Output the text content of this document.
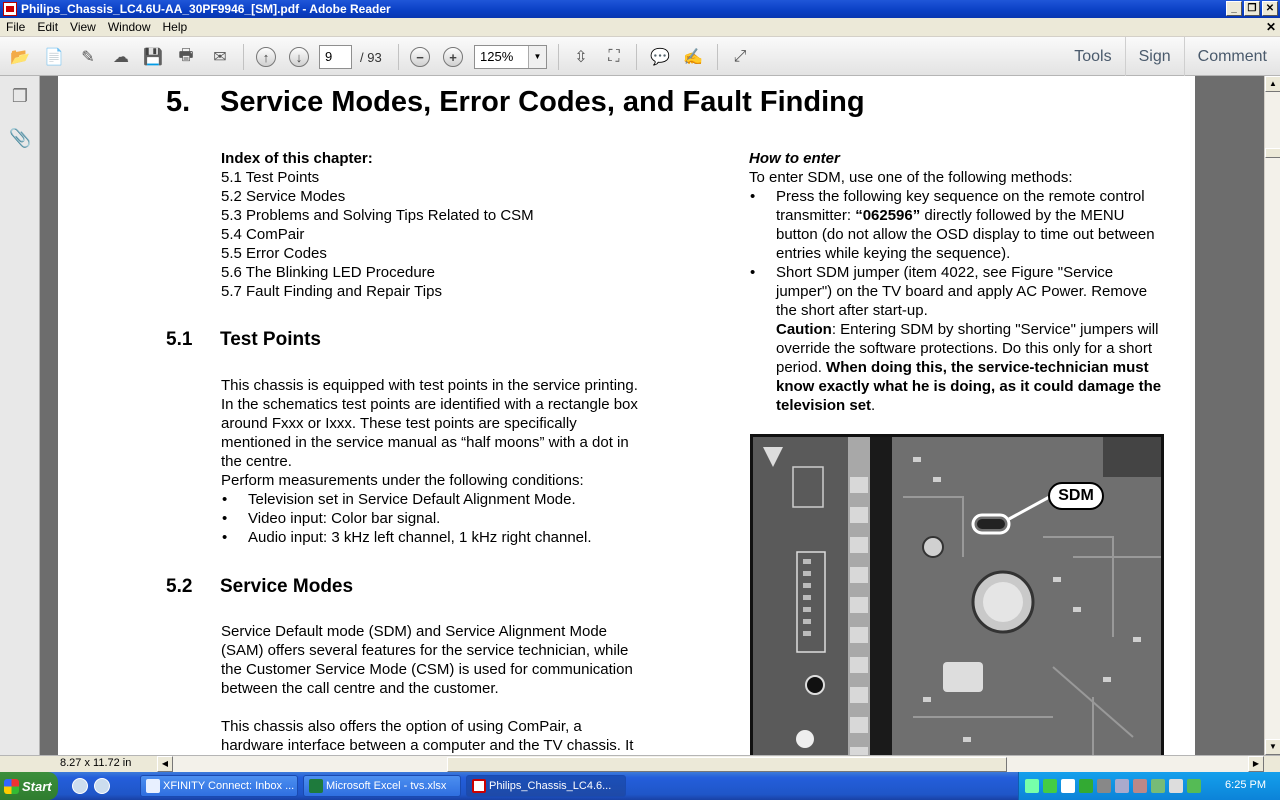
Philips_Chassis_LC4.6U-AA_30PF9946_[SM].pdf - Adobe Reader	_	❐ ✕
File	Edit	View	Window	Help	✕
📂 📄	✎	☁ 💾 🖶	✉	↑	↓	−	+	⇳	⛶	💬 ✍	⤢
9	/ 93	125%	▼	Tools	Sign	Comment
❐
📎
5. Service Modes, Error Codes, and Fault Finding
Index of this chapter:
5.1 Test Points
5.2 Service Modes
5.3 Problems and Solving Tips Related to CSM
5.4 ComPair
5.5 Error Codes
5.6 The Blinking LED Procedure
5.7 Fault Finding and Repair Tips
5.1 Test Points
This chassis is equipped with test points in the service printing.
In the schematics test points are identified with a rectangle box
around Fxxx or Ixxx. These test points are specifically
mentioned in the service manual as “half moons” with a dot in
the centre.
Perform measurements under the following conditions:
• Television set in Service Default Alignment Mode.
• Video input: Color bar signal.
• Audio input: 3 kHz left channel, 1 kHz right channel.
5.2 Service Modes
Service Default mode (SDM) and Service Alignment Mode
(SAM) offers several features for the service technician, while
the Customer Service Mode (CSM) is used for communication
between the call centre and the customer.
This chassis also offers the option of using ComPair, a
hardware interface between a computer and the TV chassis. It
How to enter
To enter SDM, use one of the following methods:
• Press the following key sequence on the remote control
transmitter: “062596” directly followed by the MENU
button (do not allow the OSD display to time out between
entries while keying the sequence).
• Short SDM jumper (item 4022, see Figure "Service
jumper") on the TV board and apply AC Power. Remove
the short after start-up.
Caution: Entering SDM by shorting "Service" jumpers will
override the software protections. Do this only for a short
period. When doing this, the service-technician must
know exactly what he is doing, as it could damage the
television set.
SDM
▲
▼
8.27 x 11.72 in	◀	▶
Start	XFINITY Connect: Inbox ...	Microsoft Excel - tvs.xlsx	Philips_Chassis_LC4.6...	6:25 PM
